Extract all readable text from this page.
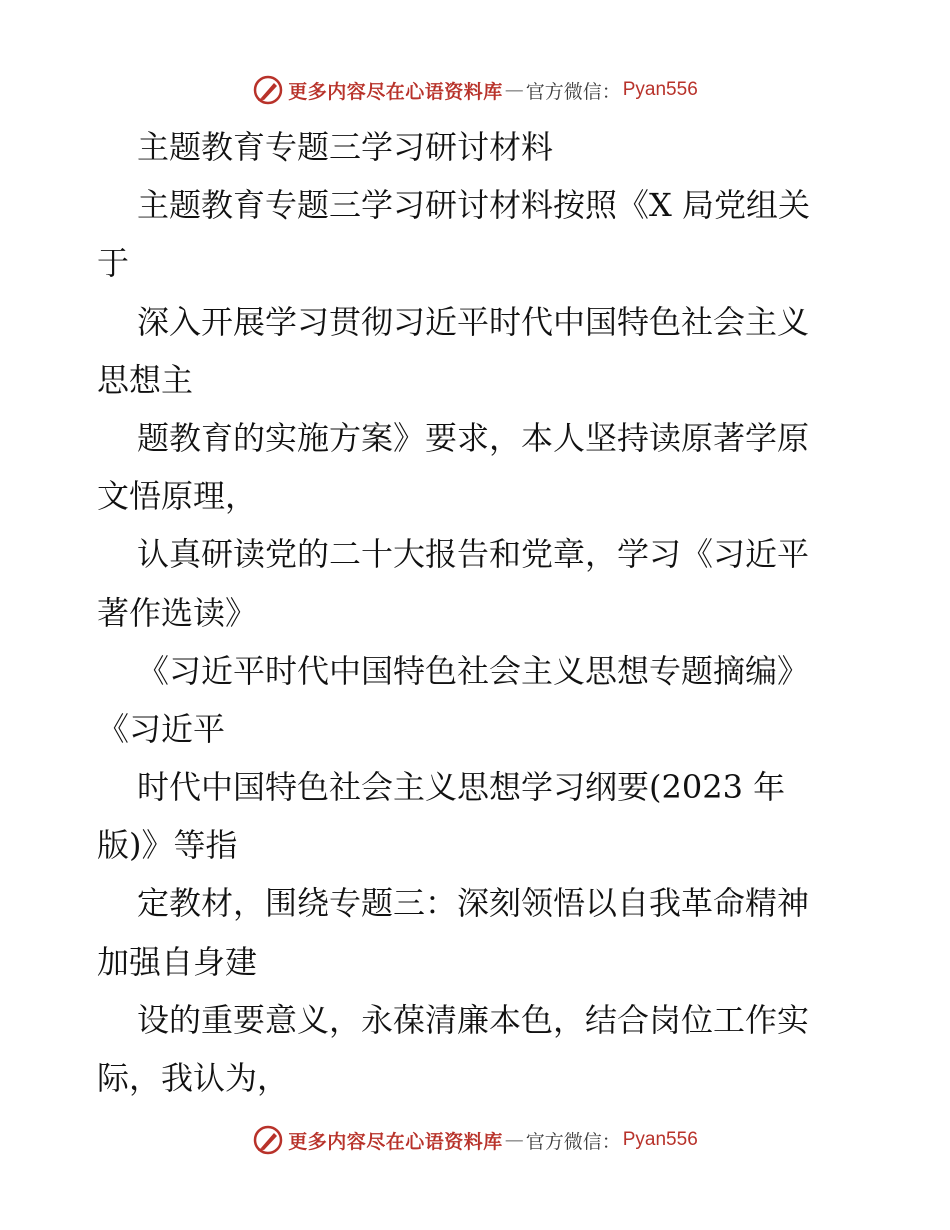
更多内容尽在心语资料库 — 官方微信： Pyan556
主题教育专题三学习研讨材料
主题教育专题三学习研讨材料按照《X 局党组关
于
深入开展学习贯彻习近平时代中国特色社会主义
思想主
题教育的实施方案》要求，本人坚持读原著学原
文悟原理，
认真研读党的二十大报告和党章，学习《习近平
著作选读》
《习近平时代中国特色社会主义思想专题摘编》
《习近平
时代中国特色社会主义思想学习纲要(2023 年
版)》等指
定教材，围绕专题三：深刻领悟以自我革命精神
加强自身建
设的重要意义，永葆清廉本色，结合岗位工作实
际，我认为，
更多内容尽在心语资料库 — 官方微信： Pyan556
